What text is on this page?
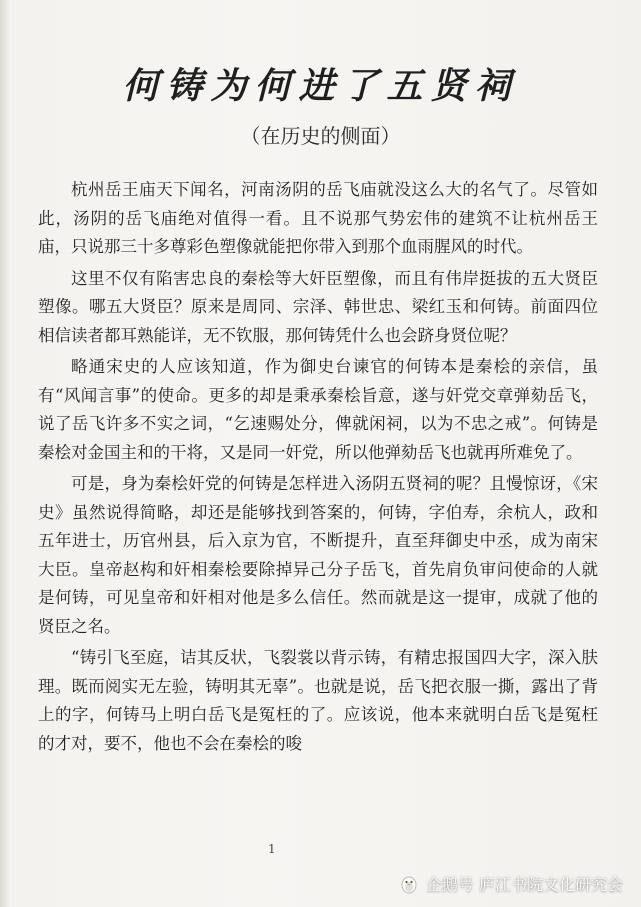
何铸为何进了五贤祠
（在历史的侧面）

杭州岳王庙天下闻名，河南汤阴的岳飞庙就没这么大的名气了。尽管如此，汤阴的岳飞庙绝对值得一看。且不说那气势宏伟的建筑不让杭州岳王庙，只说那三十多尊彩色塑像就能把你带入到那个血雨腥风的时代。

这里不仅有陷害忠良的秦桧等大奸臣塑像，而且有伟岸挺拔的五大贤臣塑像。哪五大贤臣？原来是周同、宗泽、韩世忠、梁红玉和何铸。前面四位相信读者都耳熟能详，无不钦服，那何铸凭什么也会跻身贤位呢？

略通宋史的人应该知道，作为御史台谏官的何铸本是秦桧的亲信，虽有“风闻言事”的使命。更多的却是秉承秦桧旨意，遂与奸党交章弹劾岳飞，说了岳飞许多不实之词，“乞速赐处分，俾就闲祠，以为不忠之戒”。何铸是秦桧对金国主和的干将，又是同一奸党，所以他弹劾岳飞也就再所难免了。

可是，身为秦桧奸党的何铸是怎样进入汤阴五贤祠的呢？且慢惊讶，《宋史》虽然说得简略，却还是能够找到答案的，何铸，字伯寿，余杭人，政和五年进士，历官州县，后入京为官，不断提升，直至拜御史中丞，成为南宋大臣。皇帝赵构和奸相秦桧要除掉异己分子岳飞，首先肩负审问使命的人就是何铸，可见皇帝和奸相对他是多么信任。然而就是这一提审，成就了他的贤臣之名。

“铸引飞至庭，诘其反状，飞裂裳以背示铸，有精忠报国四大字，深入肤理。既而阅实无左验，铸明其无辜”。也就是说，岳飞把衣服一撕，露出了背上的字，何铸马上明白岳飞是冤枉的了。应该说，他本来就明白岳飞是冤枉的才对，要不，他也不会在秦桧的唆

1
企鹅号 庐江书院文化研究会
